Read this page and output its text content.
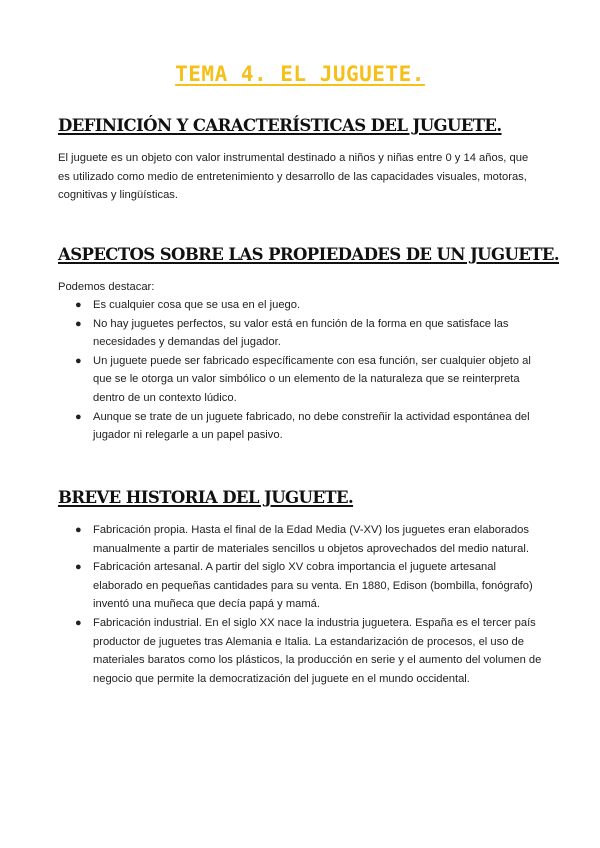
TEMA 4. EL JUGUETE.
DEFINICIÓN Y CARACTERÍSTICAS DEL JUGUETE.

El juguete es un objeto con valor instrumental destinado a niños y niñas entre 0 y 14 años, que es utilizado como medio de entretenimiento y desarrollo de las capacidades visuales, motoras, cognitivas y lingüísticas.

ASPECTOS SOBRE LAS PROPIEDADES DE UN JUGUETE.

Podemos destacar:

● Es cualquier cosa que se usa en el juego.
● No hay juguetes perfectos, su valor está en función de la forma en que satisface las necesidades y demandas del jugador.
● Un juguete puede ser fabricado específicamente con esa función, ser cualquier objeto al que se le otorga un valor simbólico o un elemento de la naturaleza que se reinterpreta dentro de un contexto lúdico.
● Aunque se trate de un juguete fabricado, no debe constreñir la actividad espontánea del jugador ni relegarle a un papel pasivo.
BREVE HISTORIA DEL JUGUETE.
● Fabricación propia. Hasta el final de la Edad Media (V-XV) los juguetes eran elaborados manualmente a partir de materiales sencillos u objetos aprovechados del medio natural.
● Fabricación artesanal. A partir del siglo XV cobra importancia el juguete artesanal elaborado en pequeñas cantidades para su venta. En 1880, Edison (bombilla, fonógrafo) inventó una muñeca que decía papá y mamá.
● Fabricación industrial. En el siglo XX nace la industria juguetera. España es el tercer país productor de juguetes tras Alemania e Italia. La estandarización de procesos, el uso de materiales baratos como los plásticos, la producción en serie y el aumento del volumen de negocio que permite la democratización del juguete en el mundo occidental.
